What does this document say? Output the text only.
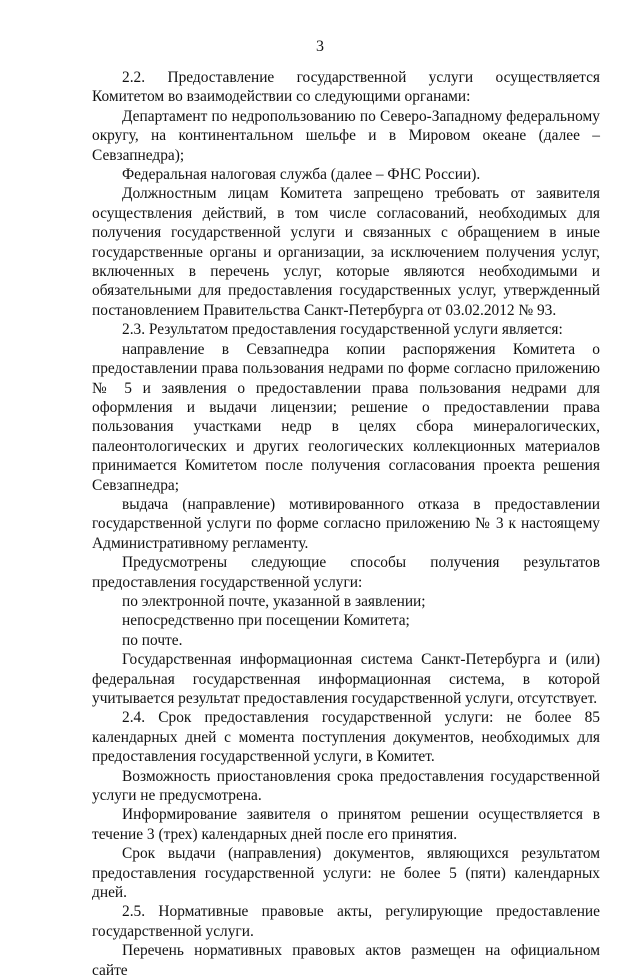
3

2.2. Предоставление государственной услуги осуществляется Комитетом во взаимодействии со следующими органами:

Департамент по недропользованию по Северо-Западному федеральному округу, на континентальном шельфе и в Мировом океане (далее – Севзапнедра);

Федеральная налоговая служба (далее – ФНС России).

Должностным лицам Комитета запрещено требовать от заявителя осуществления действий, в том числе согласований, необходимых для получения государственной услуги и связанных с обращением в иные государственные органы и организации, за исключением получения услуг, включенных в перечень услуг, которые являются необходимыми и обязательными для предоставления государственных услуг, утвержденный постановлением Правительства Санкт-Петербурга от 03.02.2012 № 93.

2.3. Результатом предоставления государственной услуги является:

направление в Севзапнедра копии распоряжения Комитета о предоставлении права пользования недрами по форме согласно приложению № 5 и заявления о предоставлении права пользования недрами для оформления и выдачи лицензии; решение о предоставлении права пользования участками недр в целях сбора минералогических, палеонтологических и других геологических коллекционных материалов принимается Комитетом после получения согласования проекта решения Севзапнедра;

выдача (направление) мотивированного отказа в предоставлении государственной услуги по форме согласно приложению № 3 к настоящему Административному регламенту.

Предусмотрены следующие способы получения результатов предоставления государственной услуги:

по электронной почте, указанной в заявлении;

непосредственно при посещении Комитета;

по почте.

Государственная информационная система Санкт-Петербурга и (или) федеральная государственная информационная система, в которой учитывается результат предоставления государственной услуги, отсутствует.

2.4. Срок предоставления государственной услуги: не более 85 календарных дней с момента поступления документов, необходимых для предоставления государственной услуги, в Комитет.

Возможность приостановления срока предоставления государственной услуги не предусмотрена.

Информирование заявителя о принятом решении осуществляется в течение 3 (трех) календарных дней после его принятия.

Срок выдачи (направления) документов, являющихся результатом предоставления государственной услуги: не более 5 (пяти) календарных дней.

2.5. Нормативные правовые акты, регулирующие предоставление государственной услуги.

Перечень нормативных правовых актов размещен на официальном сайте
